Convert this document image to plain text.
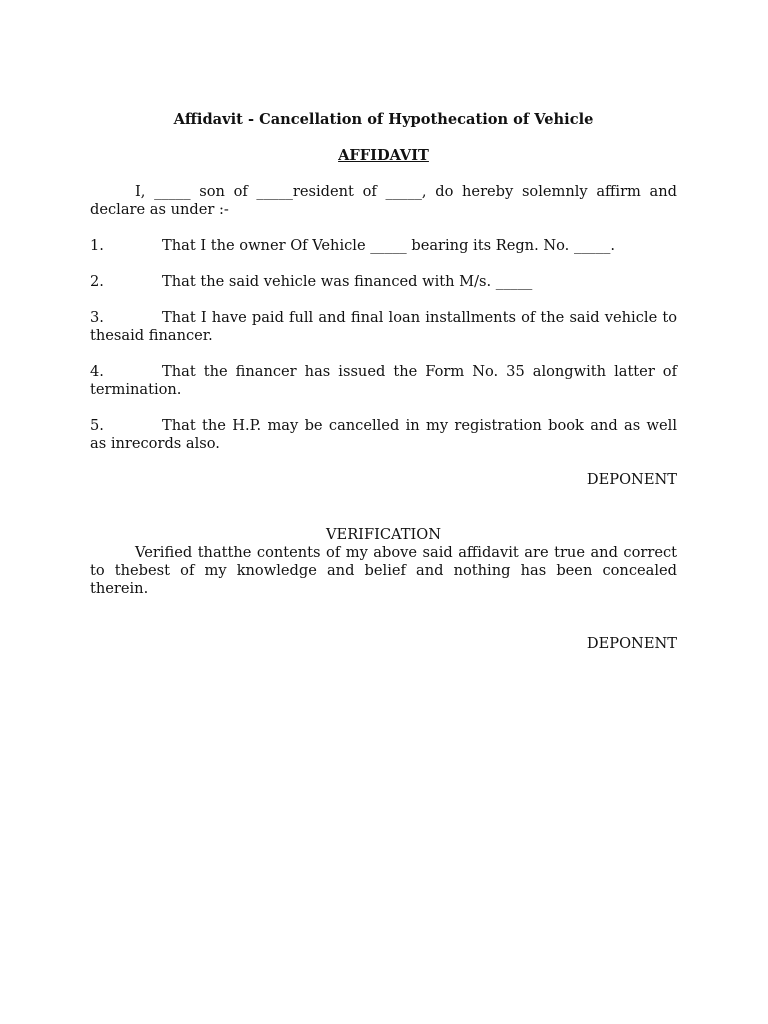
Affidavit - Cancellation of Hypothecation of Vehicle

AFFIDAVIT

I, _____ son of _____resident of _____, do hereby solemnly affirm and declare as under :-

1.	That I the owner Of Vehicle _____ bearing its Regn. No. _____.
2.	That the said vehicle was financed with M/s. _____
3.	That I have paid full and final loan installments of the said vehicle to thesaid financer.
4.	That the financer has issued the Form No. 35 alongwith latter of termination.
5.	That the H.P. may be cancelled in my registration book and as well as inrecords also.

DEPONENT

VERIFICATION

Verified thatthe contents of my above said affidavit are true and correct to thebest of my knowledge and belief and nothing has been concealed therein.

DEPONENT
